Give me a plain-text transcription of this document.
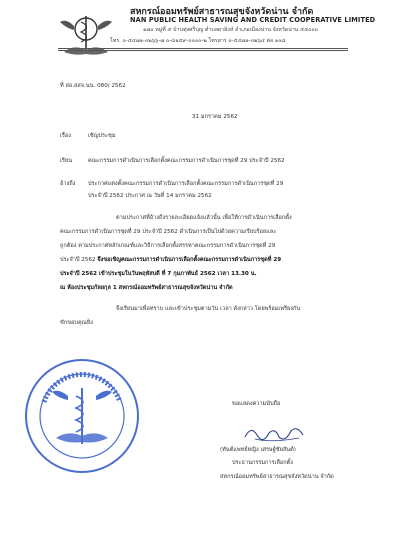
สหกรณ์ออมทรัพย์สาธารณสุขจังหวัดน่าน จำกัด
NAN PUBLIC HEALTH SAVING AND CREDIT COOPERATIVE LIMITED
๑๗๐ หมู่ที่ ๕ บ้านทุ่งศรีบุญ ตำบลผาสิงห์ อำเภอเมืองน่าน จังหวัดน่าน ๕๕๐๐๐
โทร. ๐-๕๔๗๑-๐๒๖๖-๗ ๐-๘๑๕๙-๐๐๐๐-๒ โทรสาร ๐-๕๔๗๑-๐๒๖๔ ต่อ ๑๐๘
ที่ สอ.สสจ.นน. 080/ 2562
31 มกราคม 2562
เรื่อง	เชิญประชุม
เรียน	คณะกรรมการดำเนินการเลือกตั้งคณะกรรมการดำเนินการชุดที่ 29 ประจำปี 2562
อ้างถึง ประกาศแต่งตั้งคณะกรรมการดำเนินการเลือกตั้งคณะกรรมการดำเนินการชุดที่ 29
ประจำปี 2562 ประกาศ ณ วันที่ 14 มกราคม 2562
ตามประกาศที่อ้างถึงรายละเอียดแจ้งแล้วนั้น เพื่อให้การดำเนินการเลือกตั้ง
คณะกรรมการดำเนินการชุดที่ 29 ประจำปี 2562 ดำเนินการเป็นไปด้วยความเรียบร้อยและ
ถูกต้อง ตามประกาศหลักเกณฑ์และวิธีการเลือกตั้งสรรหาคณะกรรมการดำเนินการชุดที่ 29
ประจำปี 2562 จึงขอเชิญคณะกรรมการดำเนินการเลือกตั้งคณะกรรมการดำเนินการชุดที่ 29
ประจำปี 2562 เข้าประชุมในวันพฤหัสบดี ที่ 7 กุมภาพันธ์ 2562 เวลา 13.30 น.
ณ ห้องประชุมกัลยกุล 1 สหกรณ์ออมทรัพย์สาธารณสุขจังหวัดน่าน จำกัด
จึงเรียนมาเพื่อทราบ และเข้าประชุมตามวัน เวลา ดังกล่าว โดยพร้อมเพรียงกัน
ขักขอบคุณยิ่ง
ขอแสดงความนับถือ
(ทันต์แพทย์หญิง เศรษฐ์ชัยสันต์)
ประธานกรรมการเลือกตั้ง
สหกรณ์ออมทรัพย์สาธารณสุขจังหวัดน่าน จำกัด
